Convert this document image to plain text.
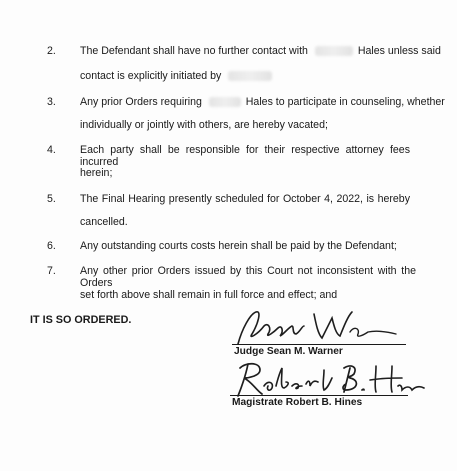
2. The Defendant shall have no further contact with	Hales unless said
contact is explicitly initiated by
3. Any prior Orders requiring	Hales to participate in counseling, whether
individually or jointly with others, are hereby vacated;
4. Each party shall be responsible for their respective attorney fees incurred
herein;
5. The Final Hearing presently scheduled for October 4, 2022, is hereby
cancelled.
6. Any outstanding courts costs herein shall be paid by the Defendant;
7. Any other prior Orders issued by this Court not inconsistent with the Orders
set forth above shall remain in full force and effect; and
IT IS SO ORDERED.
Judge Sean M. Warner
Magistrate Robert B. Hines
